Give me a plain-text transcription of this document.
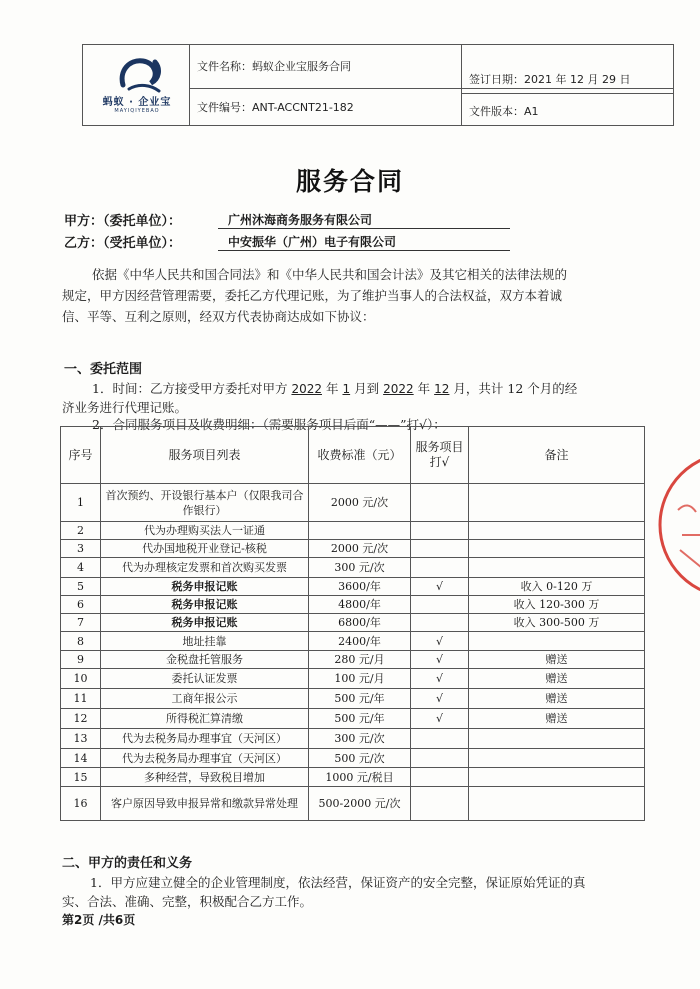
蚂蚁 · 企业宝
MAYIQIYEBAO
文件名称：蚂蚁企业宝服务合同
文件编号：ANT-ACCNT21-182
签订日期：2021 年 12 月 29 日
文件版本：A1
服务合同
甲方：（委托单位）：	广州沐海商务服务有限公司
乙方：（受托单位）：	中安振华（广州）电子有限公司
依据《中华人民共和国合同法》和《中华人民共和国会计法》及其它相关的法律法规的
规定，甲方因经营管理需要，委托乙方代理记账，为了维护当事人的合法权益，双方本着诚
信、平等、互利之原则，经双方代表协商达成如下协议：
一、委托范围
1．时间：乙方接受甲方委托对甲方 2022 年 1 月到 2022 年 12 月，共计 12 个月的经
济业务进行代理记账。
2．合同服务项目及收费明细：（需要服务项目后面“——”打√）：
序号	服务项目列表	收费标准（元）	服务项目打√	备注
1	首次预约、开设银行基本户（仅限我司合作银行）	2000 元/次		
2	代为办理购买法人一证通			
3	代办国地税开业登记-核税	2000 元/次		
4	代为办理核定发票和首次购买发票	300 元/次		
5	税务申报记账	3600/年	√	收入 0-120 万
6	税务申报记账	4800/年		收入 120-300 万
7	税务申报记账	6800/年		收入 300-500 万
8	地址挂靠	2400/年	√	
9	金税盘托管服务	280 元/月	√	赠送
10	委托认证发票	100 元/月	√	赠送
11	工商年报公示	500 元/年	√	赠送
12	所得税汇算清缴	500 元/年	√	赠送
13	代为去税务局办理事宜（天河区）	300 元/次		
14	代为去税务局办理事宜（天河区）	500 元/次		
15	多种经营，导致税目增加	1000 元/税目		
16	客户原因导致申报异常和缴款异常处理	500-2000 元/次		
二、甲方的责任和义务
1．甲方应建立健全的企业管理制度，依法经营，保证资产的安全完整，保证原始凭证的真
实、合法、准确、完整，积极配合乙方工作。
第2页 /共6页
